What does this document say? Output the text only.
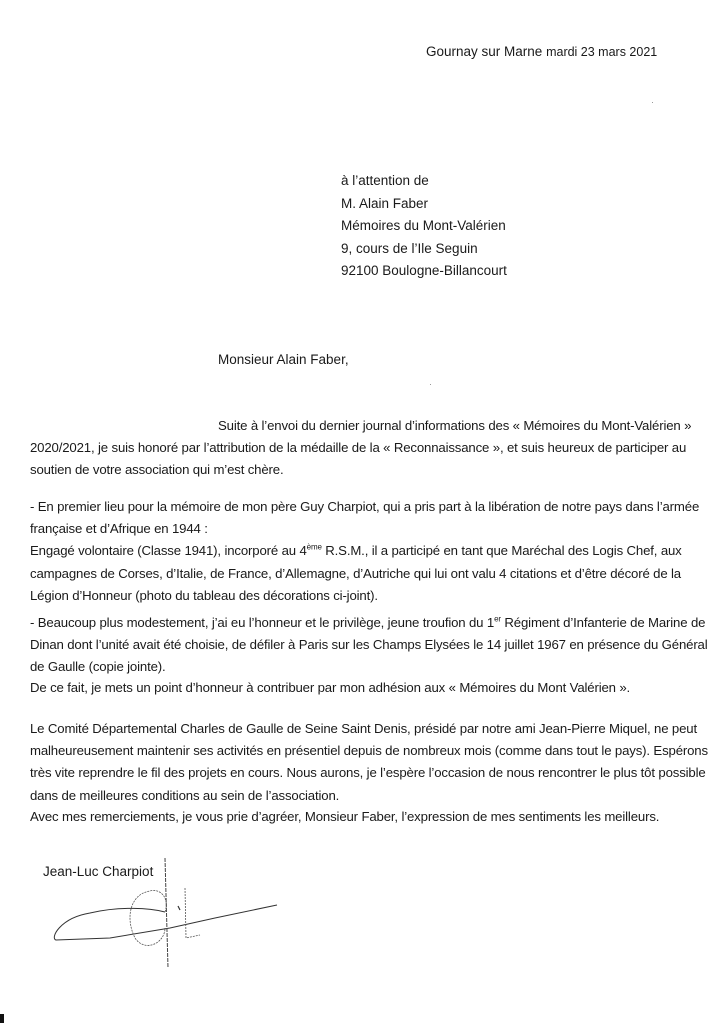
Gournay sur Marne mardi 23 mars 2021
à l’attention de
M. Alain Faber
Mémoires du Mont-Valérien
9, cours de l’Ile Seguin
92100 Boulogne-Billancourt
Monsieur Alain Faber,
Suite à l’envoi du dernier journal d’informations des « Mémoires du Mont-Valérien » 2020/2021, je suis honoré par l’attribution de la médaille de la « Reconnaissance », et suis heureux de participer au soutien de votre association qui m’est chère.
- En premier lieu pour la mémoire de mon père Guy Charpiot, qui a pris part à la libération de notre pays dans l’armée française et d’Afrique en 1944 :
Engagé volontaire (Classe 1941), incorporé au 4ème R.S.M., il a participé en tant que Maréchal des Logis Chef, aux campagnes de Corses, d’Italie, de France, d’Allemagne, d’Autriche qui lui ont valu 4 citations et d’être décoré de la Légion d’Honneur (photo du tableau des décorations ci-joint).
- Beaucoup plus modestement, j’ai eu l’honneur et le privilège, jeune troufion du 1er Régiment d’Infanterie de Marine de Dinan dont l’unité avait été choisie, de défiler à Paris sur les Champs Elysées le 14 juillet 1967 en présence du Général de Gaulle (copie jointe).
De ce fait, je mets un point d’honneur à contribuer par mon adhésion aux « Mémoires du Mont Valérien ».
Le Comité Départemental Charles de Gaulle de Seine Saint Denis, présidé par notre ami Jean-Pierre Miquel, ne peut malheureusement maintenir ses activités en présentiel depuis de nombreux mois (comme dans tout le pays). Espérons très vite reprendre le fil des projets en cours. Nous aurons, je l’espère l’occasion de nous rencontrer le plus tôt possible dans de meilleures conditions au sein de l’association.
Avec mes remerciements, je vous prie d’agréer, Monsieur Faber, l’expression de mes sentiments les meilleurs.
Jean-Luc Charpiot
